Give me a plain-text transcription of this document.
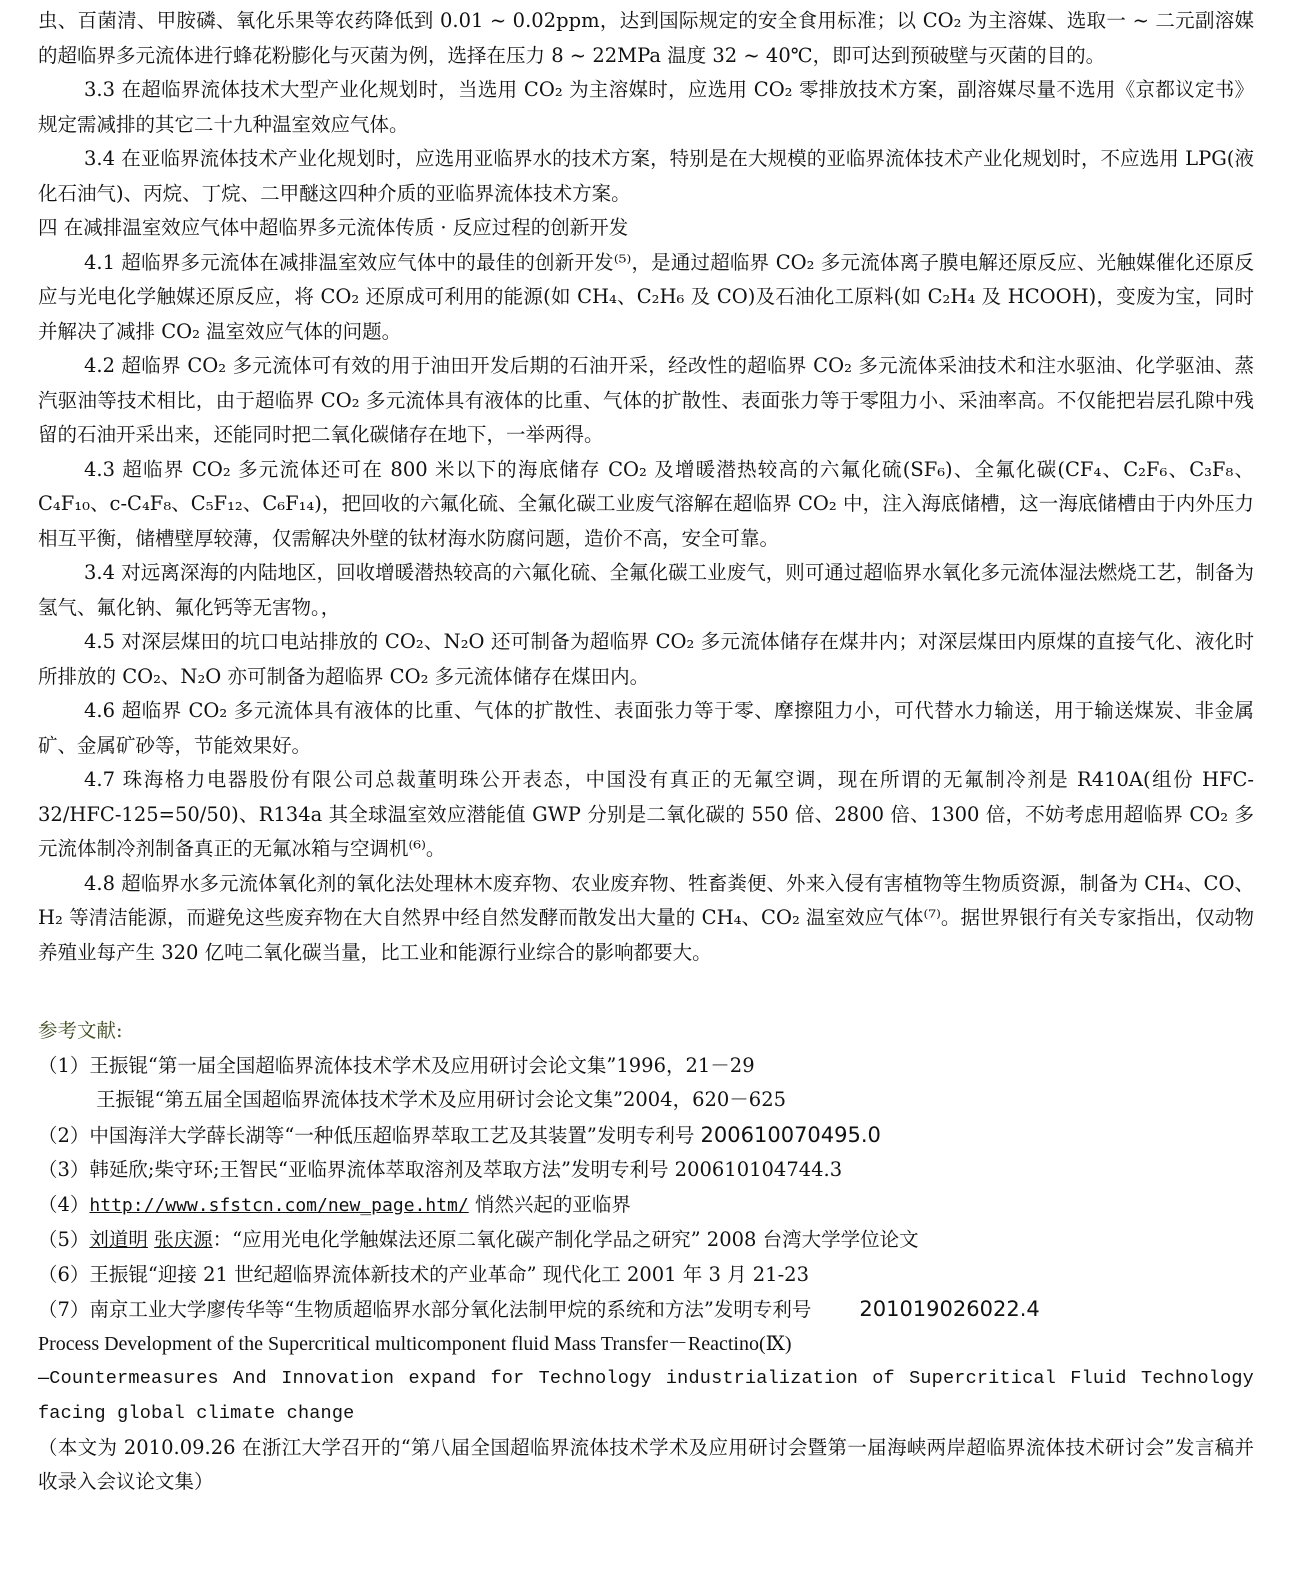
虫、百菌清、甲胺磷、氧化乐果等农药降低到 0.01 ~ 0.02ppm，达到国际规定的安全食用标准；以 CO₂ 为主溶媒、选取一 ~ 二元副溶媒的超临界多元流体进行蜂花粉膨化与灭菌为例，选择在压力 8 ~ 22MPa 温度 32 ~ 40℃，即可达到预破壁与灭菌的目的。

3.3 在超临界流体技术大型产业化规划时，当选用 CO₂ 为主溶媒时，应选用 CO₂ 零排放技术方案，副溶媒尽量不选用《京都议定书》规定需减排的其它二十九种温室效应气体。

3.4 在亚临界流体技术产业化规划时，应选用亚临界水的技术方案，特别是在大规模的亚临界流体技术产业化规划时，不应选用 LPG(液化石油气)、丙烷、丁烷、二甲醚这四种介质的亚临界流体技术方案。

四 在减排温室效应气体中超临界多元流体传质 · 反应过程的创新开发

4.1 超临界多元流体在减排温室效应气体中的最佳的创新开发⁽⁵⁾，是通过超临界 CO₂ 多元流体离子膜电解还原反应、光触媒催化还原反应与光电化学触媒还原反应，将 CO₂ 还原成可利用的能源(如 CH₄、C₂H₆ 及 CO)及石油化工原料(如 C₂H₄ 及 HCOOH)，变废为宝，同时并解决了减排 CO₂ 温室效应气体的问题。

4.2 超临界 CO₂ 多元流体可有效的用于油田开发后期的石油开采，经改性的超临界 CO₂ 多元流体采油技术和注水驱油、化学驱油、蒸汽驱油等技术相比，由于超临界 CO₂ 多元流体具有液体的比重、气体的扩散性、表面张力等于零阻力小、采油率高。不仅能把岩层孔隙中残留的石油开采出来，还能同时把二氧化碳储存在地下，一举两得。

4.3 超临界 CO₂ 多元流体还可在 800 米以下的海底储存 CO₂ 及增暖潜热较高的六氟化硫(SF₆)、全氟化碳(CF₄、C₂F₆、C₃F₈、C₄F₁₀、c-C₄F₈、C₅F₁₂、C₆F₁₄)，把回收的六氟化硫、全氟化碳工业废气溶解在超临界 CO₂ 中，注入海底储槽，这一海底储槽由于内外压力相互平衡，储槽壁厚较薄，仅需解决外壁的钛材海水防腐问题，造价不高，安全可靠。

3.4 对远离深海的内陆地区，回收增暖潜热较高的六氟化硫、全氟化碳工业废气，则可通过超临界水氧化多元流体湿法燃烧工艺，制备为氢气、氟化钠、氟化钙等无害物。，

4.5 对深层煤田的坑口电站排放的 CO₂、N₂O 还可制备为超临界 CO₂ 多元流体储存在煤井内；对深层煤田内原煤的直接气化、液化时所排放的 CO₂、N₂O 亦可制备为超临界 CO₂ 多元流体储存在煤田内。

4.6 超临界 CO₂ 多元流体具有液体的比重、气体的扩散性、表面张力等于零、摩擦阻力小，可代替水力输送，用于输送煤炭、非金属矿、金属矿砂等，节能效果好。

4.7 珠海格力电器股份有限公司总裁董明珠公开表态，中国没有真正的无氟空调，现在所谓的无氟制冷剂是 R410A(组份 HFC-32/HFC-125=50/50)、R134a 其全球温室效应潜能值 GWP 分别是二氧化碳的 550 倍、2800 倍、1300 倍，不妨考虑用超临界 CO₂ 多元流体制冷剂制备真正的无氟冰箱与空调机⁽⁶⁾。

4.8 超临界水多元流体氧化剂的氧化法处理林木废弃物、农业废弃物、牲畜粪便、外来入侵有害植物等生物质资源，制备为 CH₄、CO、H₂ 等清洁能源，而避免这些废弃物在大自然界中经自然发酵而散发出大量的 CH₄、CO₂ 温室效应气体⁽⁷⁾。据世界银行有关专家指出，仅动物养殖业每产生 320 亿吨二氧化碳当量，比工业和能源行业综合的影响都要大。

参考文献:

（1）王振锟“第一届全国超临界流体技术学术及应用研讨会论文集”1996，21－29

王振锟“第五届全国超临界流体技术学术及应用研讨会论文集”2004，620－625

（2）中国海洋大学薛长湖等“一种低压超临界萃取工艺及其装置”发明专利号 200610070495.0

（3）韩延欣;柴守环;王智民“亚临界流体萃取溶剂及萃取方法”发明专利号 200610104744.3

（4）http://www.sfstcn.com/new_page.htm/ 悄然兴起的亚临界

（5）刘道明 张庆源：“应用光电化学触媒法还原二氧化碳产制化学品之研究” 2008 台湾大学学位论文

（6）王振锟“迎接 21 世纪超临界流体新技术的产业革命” 现代化工 2001 年 3 月 21-23

（7）南京工业大学廖传华等“生物质超临界水部分氧化法制甲烷的系统和方法”发明专利号 201019026022.4

Process Development of the Supercritical multicomponent fluid Mass Transfer－Reactino(Ⅸ)

—Countermeasures And Innovation expand for Technology industrialization of Supercritical Fluid Technology facing global climate change

（本文为 2010.09.26 在浙江大学召开的“第八届全国超临界流体技术学术及应用研讨会暨第一届海峡两岸超临界流体技术研讨会”发言稿并收录入会议论文集）
